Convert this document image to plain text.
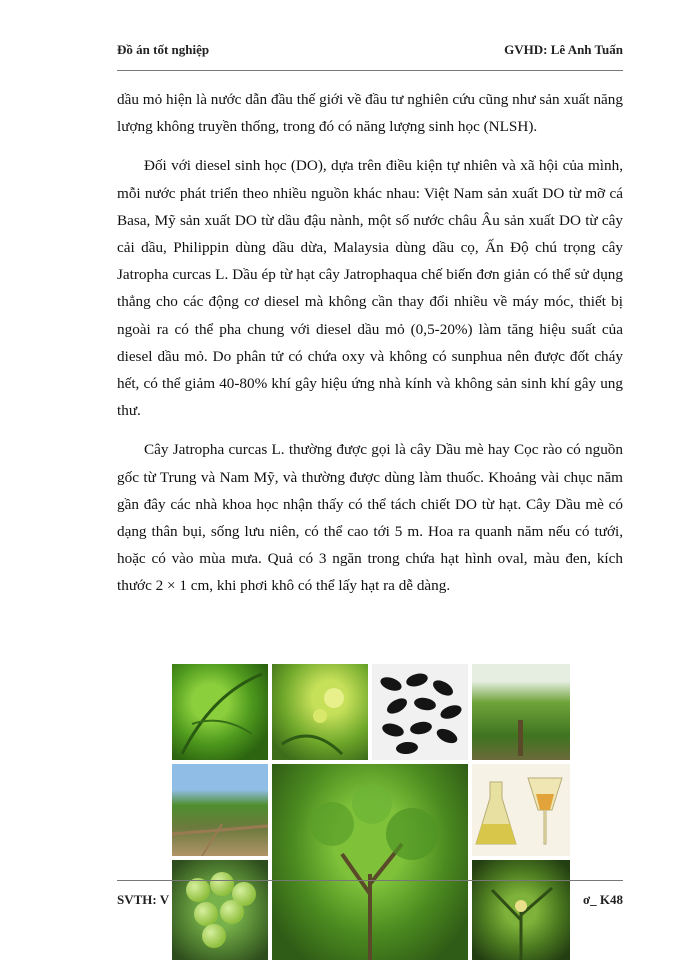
Đồ án tốt nghiệp	GVHD: Lê Anh Tuấn

dầu mỏ hiện là nước dẫn đầu thế giới về đầu tư nghiên cứu cũng như sản xuất năng lượng không truyền thống, trong đó có năng lượng sinh học (NLSH).

Đối với diesel sinh học (DO), dựa trên điều kiện tự nhiên và xã hội của mình, mỗi nước phát triển theo nhiều nguồn khác nhau: Việt Nam sản xuất DO từ mỡ cá Basa, Mỹ sản xuất DO từ dầu đậu nành, một số nước châu Âu sản xuất DO từ cây cải dầu, Philippin dùng dầu dừa, Malaysia dùng dầu cọ, Ấn Độ chú trọng cây Jatropha curcas L. Dầu ép từ hạt cây Jatrophaqua chế biến đơn giản có thể sử dụng thẳng cho các động cơ diesel mà không cần thay đổi nhiều về máy móc, thiết bị ngoài ra có thể pha chung với diesel dầu mỏ (0,5-20%) làm tăng hiệu suất của diesel dầu mỏ. Do phân tử có chứa oxy và không có sunphua nên được đốt cháy hết, có thể giảm 40-80% khí gây hiệu ứng nhà kính và không sản sinh khí gây ung thư.

Cây Jatropha curcas L. thường được gọi là cây Dầu mè hay Cọc rào có nguồn gốc từ Trung và Nam Mỹ, và thường được dùng làm thuốc. Khoảng vài chục năm gần đây các nhà khoa học nhận thấy có thể tách chiết DO từ hạt. Cây Dầu mè có dạng thân bụi, sống lưu niên, có thể cao tới 5 m. Hoa ra quanh năm nếu có tưới, hoặc có vào mùa mưa. Quả có 3 ngăn trong chứa hạt hình oval, màu đen, kích thước 2 × 1 cm, khi phơi khô có thể lấy hạt ra dễ dàng.

SVTH: V	ơ_ K48
